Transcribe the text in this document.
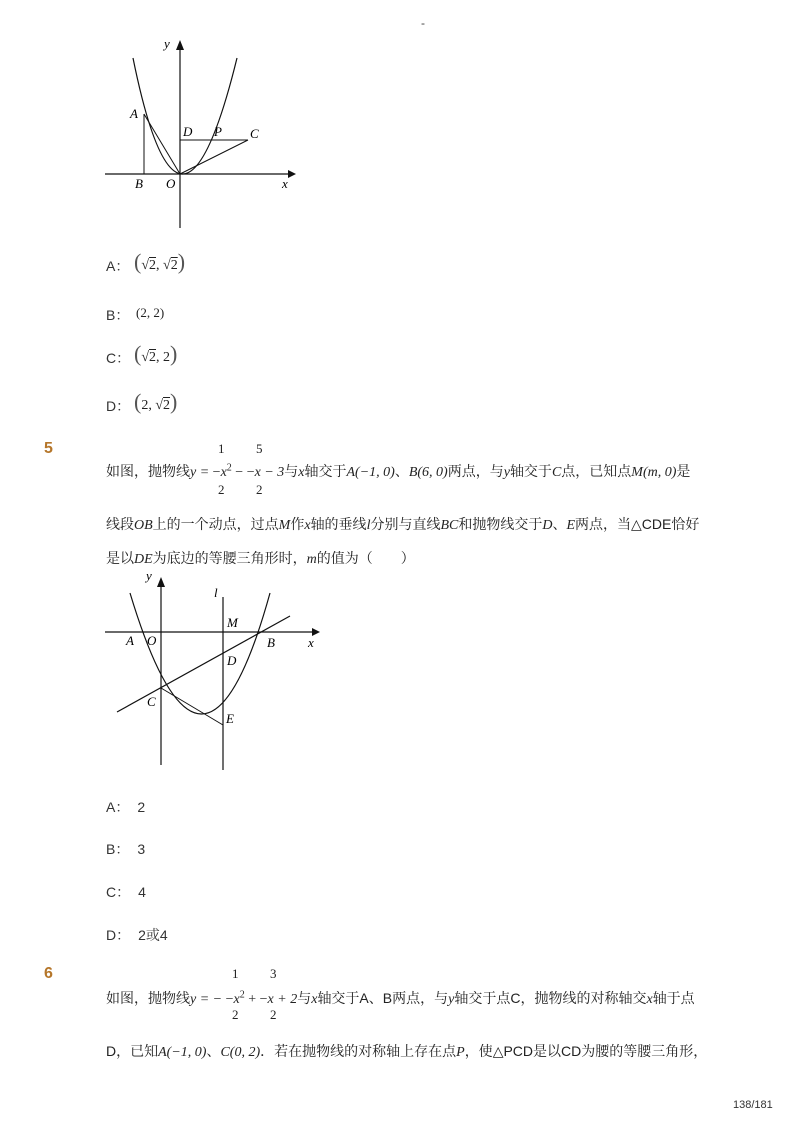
-
y
A
D P C
B O	x
A： (√2, √2)
B： (2, 2)
C： (√2, 2)
D： (2, √2)
5	1
2
5
2
如图，抛物线$y = -x^2 - -x - 3$与x轴交于A(−1, 0)、B(6, 0)两点，与y轴交于C点，已知点M(m, 0)是
线段OB上的一个动点，过点M作x轴的垂线l分别与直线BC和抛物线交于D、E两点，当△CDE恰好
是以DE为底边的等腰三角形时，m的值为（　　）
y
l
M
A O	B	x
D
C
E
A： 2
B： 3
C： 4
D： 2或4
6	1
2
3
2
如图，抛物线y = − $-x^2 + -x + 2$与x轴交于A、B两点，与y轴交于点C，抛物线的对称轴交x轴于点
D，已知A(−1, 0)、C(0, 2)．若在抛物线的对称轴上存在点P，使△PCD是以CD为腰的等腰三角形，
138/181
